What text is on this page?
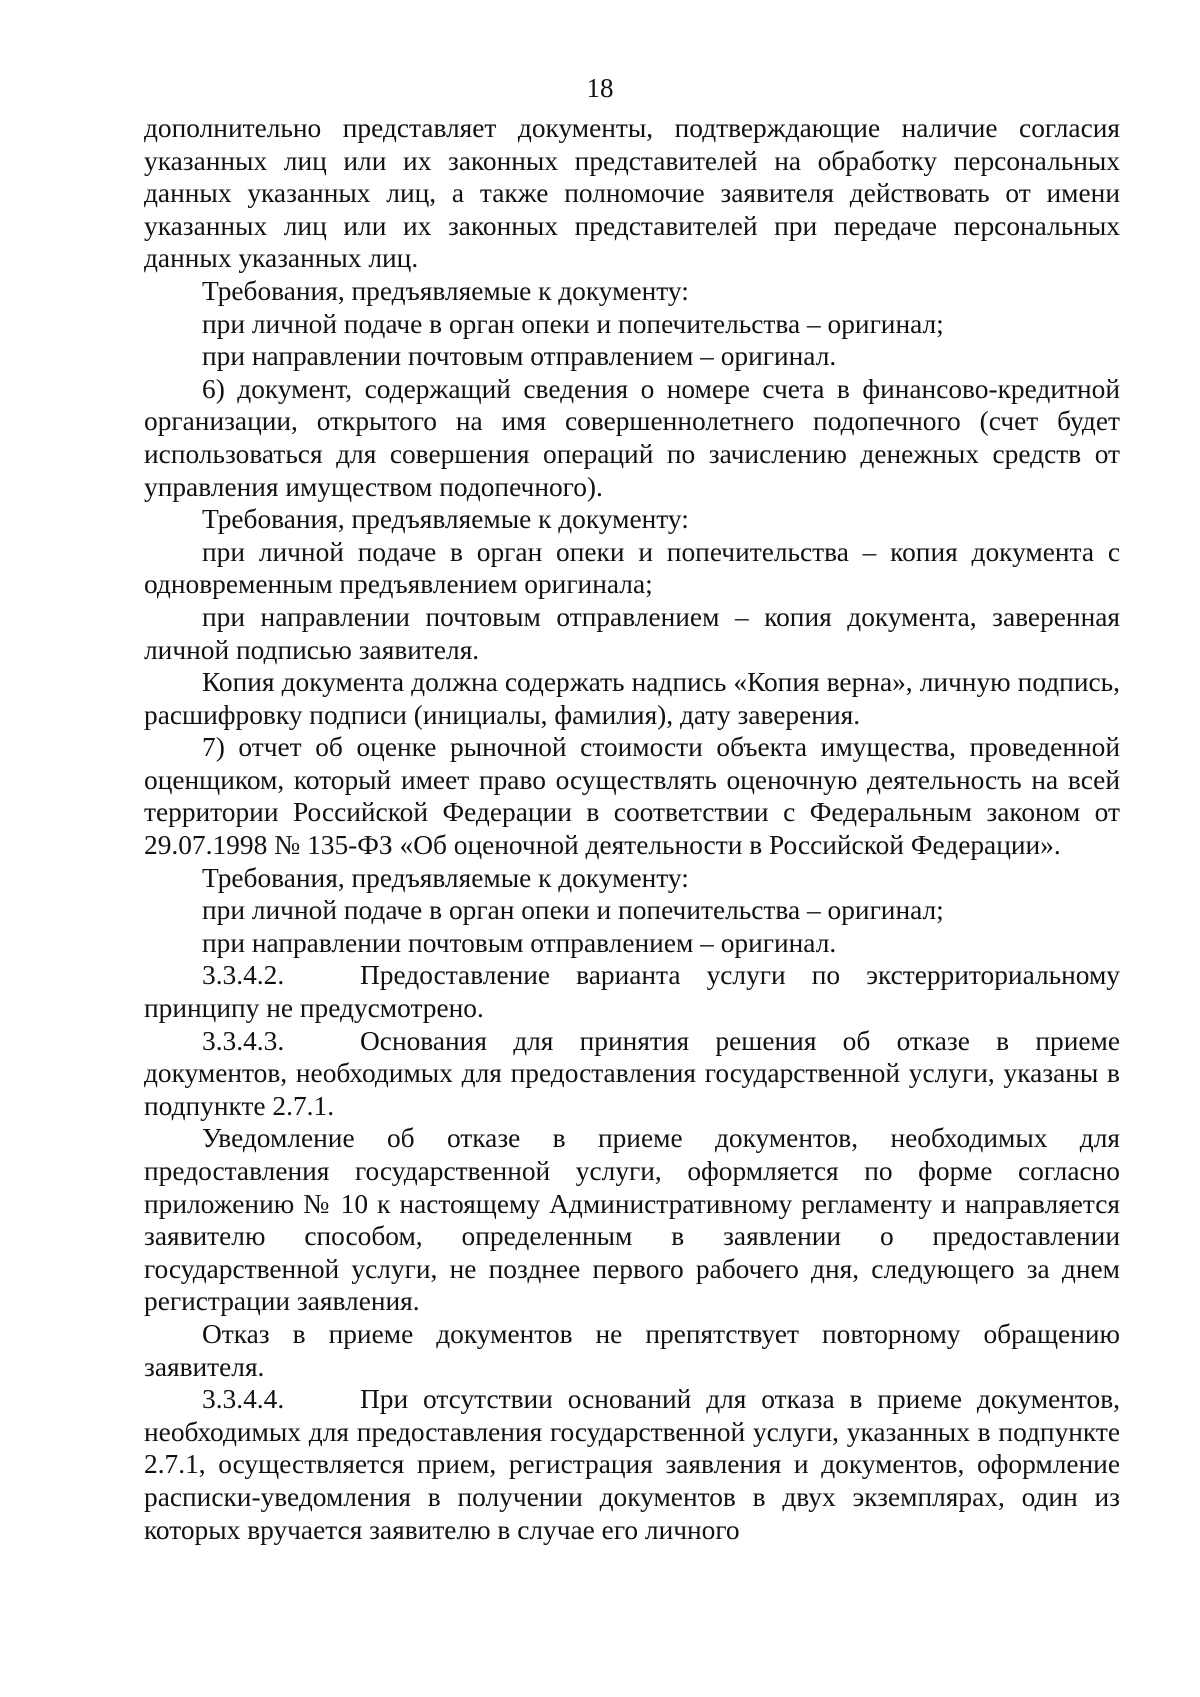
18

дополнительно представляет документы, подтверждающие наличие согласия указанных лиц или их законных представителей на обработку персональных данных указанных лиц, а также полномочие заявителя действовать от имени указанных лиц или их законных представителей при передаче персональных данных указанных лиц.

Требования, предъявляемые к документу:

при личной подаче в орган опеки и попечительства – оригинал;

при направлении почтовым отправлением – оригинал.

6) документ, содержащий сведения о номере счета в финансово-кредитной организации, открытого на имя совершеннолетнего подопечного (счет будет использоваться для совершения операций по зачислению денежных средств от управления имуществом подопечного).

Требования, предъявляемые к документу:

при личной подаче в орган опеки и попечительства – копия документа с одновременным предъявлением оригинала;

при направлении почтовым отправлением – копия документа, заверенная личной подписью заявителя.

Копия документа должна содержать надпись «Копия верна», личную подпись, расшифровку подписи (инициалы, фамилия), дату заверения.

7) отчет об оценке рыночной стоимости объекта имущества, проведенной оценщиком, который имеет право осуществлять оценочную деятельность на всей территории Российской Федерации в соответствии с Федеральным законом от 29.07.1998 № 135-ФЗ «Об оценочной деятельности в Российской Федерации».

Требования, предъявляемые к документу:

при личной подаче в орган опеки и попечительства – оригинал;

при направлении почтовым отправлением – оригинал.

3.3.4.2.	Предоставление варианта услуги по экстерриториальному принципу не предусмотрено.

3.3.4.3.	Основания для принятия решения об отказе в приеме документов, необходимых для предоставления государственной услуги, указаны в подпункте 2.7.1.

Уведомление об отказе в приеме документов, необходимых для предоставления государственной услуги, оформляется по форме согласно приложению № 10 к настоящему Административному регламенту и направляется заявителю способом, определенным в заявлении о предоставлении государственной услуги, не позднее первого рабочего дня, следующего за днем регистрации заявления.

Отказ в приеме документов не препятствует повторному обращению заявителя.

3.3.4.4.	При отсутствии оснований для отказа в приеме документов, необходимых для предоставления государственной услуги, указанных в подпункте 2.7.1, осуществляется прием, регистрация заявления и документов, оформление расписки-уведомления в получении документов в двух экземплярах, один из которых вручается заявителю в случае его личного
